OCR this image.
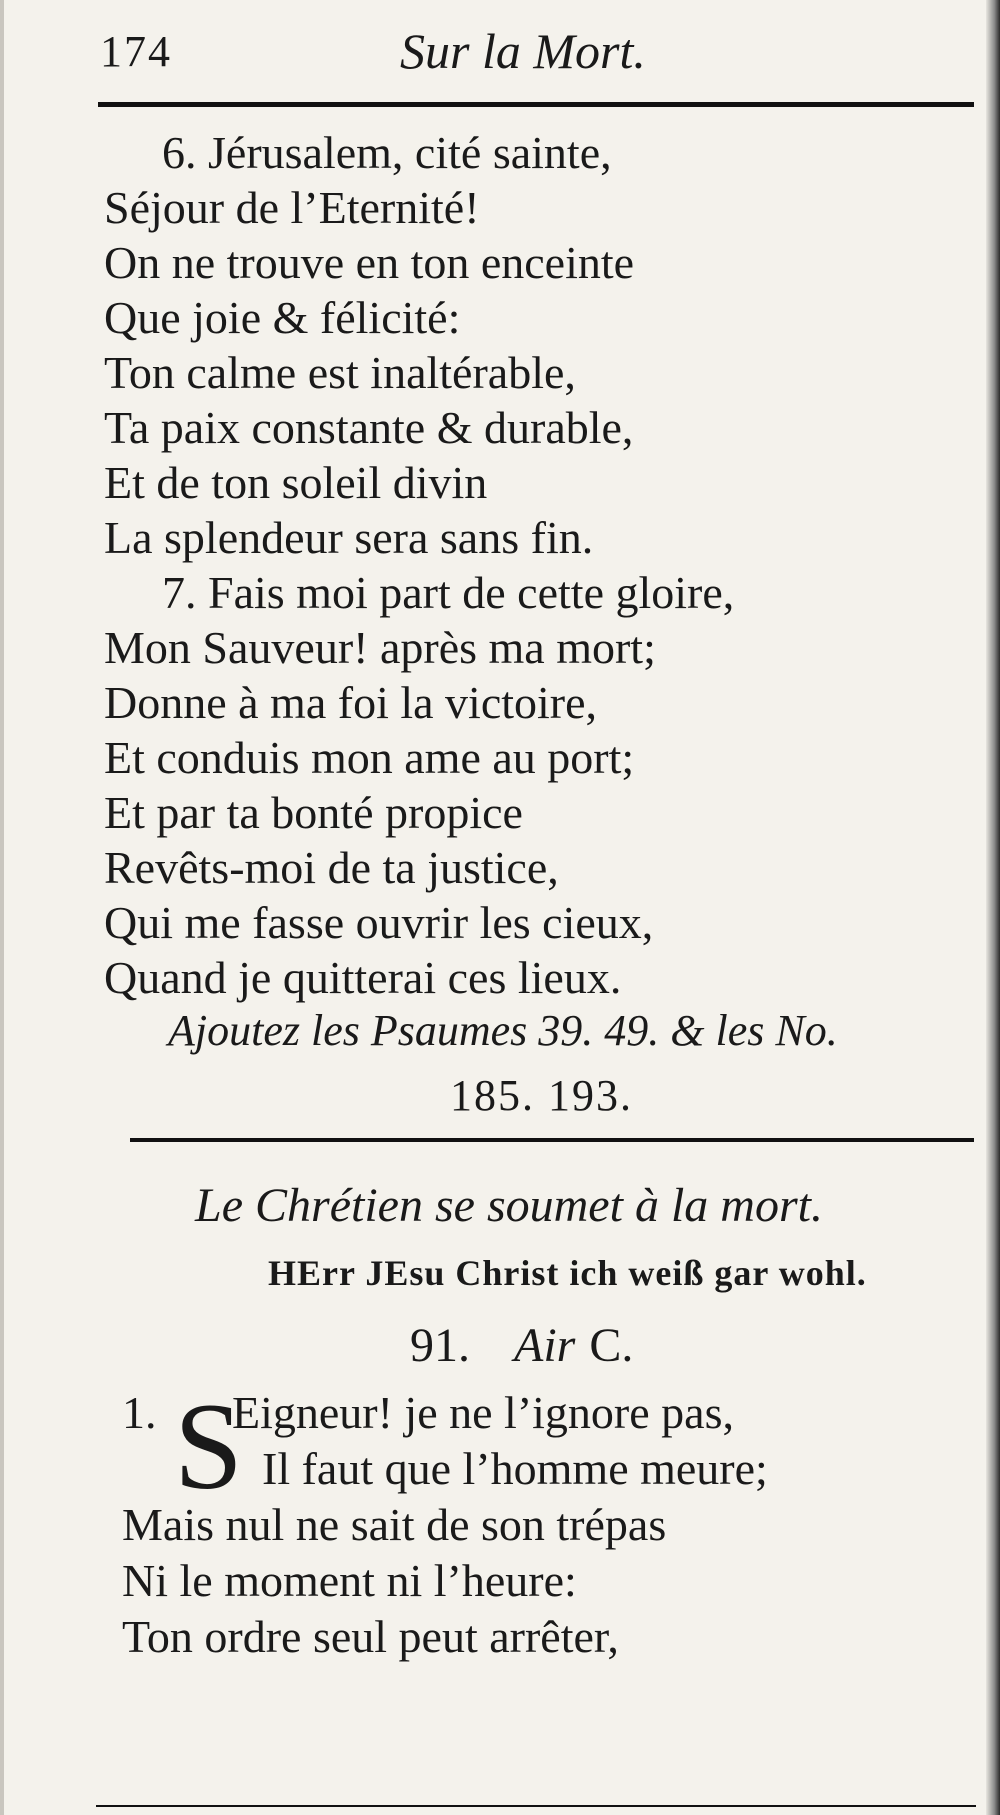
174	Sur la Mort.
6. Jérusalem, cité sainte,
Séjour de l’Eternité!
On ne trouve en ton enceinte
Que joie & félicité:
Ton calme est inaltérable,
Ta paix constante & durable,
Et de ton soleil divin
La splendeur sera sans fin.
7. Fais moi part de cette gloire,
Mon Sauveur! après ma mort;
Donne à ma foi la victoire,
Et conduis mon ame au port;
Et par ta bonté propice
Revêts-moi de ta justice,
Qui me fasse ouvrir les cieux,
Quand je quitterai ces lieux.
Ajoutez les Psaumes 39. 49. & les No.
185. 193.
Le Chrétien se soumet à la mort.
HErr JEsu Christ ich weiß gar wohl.
91. Air C.
S
1. Eigneur! je ne l’ignore pas,
Il faut que l’homme meure;
Mais nul ne sait de son trépas
Ni le moment ni l’heure:
Ton ordre seul peut arrêter,
